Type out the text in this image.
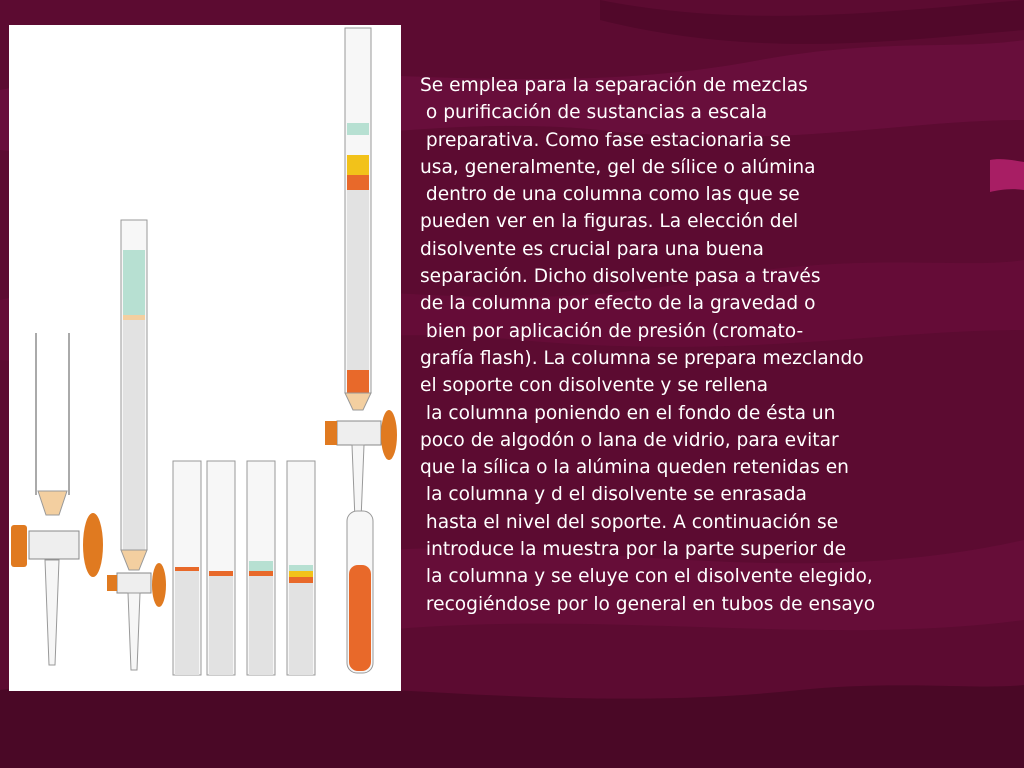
Se emplea para la separación de mezclas
o purificación de sustancias a escala
preparativa. Como fase estacionaria se
usa, generalmente, gel de sílice o alúmina
dentro de una columna como las que se
pueden ver en la figuras. La elección del
disolvente es crucial para una buena
separación. Dicho disolvente pasa a través
de la columna por efecto de la gravedad o
bien por aplicación de presión (cromato-
grafía flash). La columna se prepara mezclando
el soporte con disolvente y se rellena
la columna poniendo en el fondo de ésta un
poco de algodón o lana de vidrio, para evitar
que la sílica o la alúmina queden retenidas en
la columna y d el disolvente se enrasada
hasta el nivel del soporte. A continuación se
introduce la muestra por la parte superior de
la columna y se eluye con el disolvente elegido,
recogiéndose por lo general en tubos de ensayo
